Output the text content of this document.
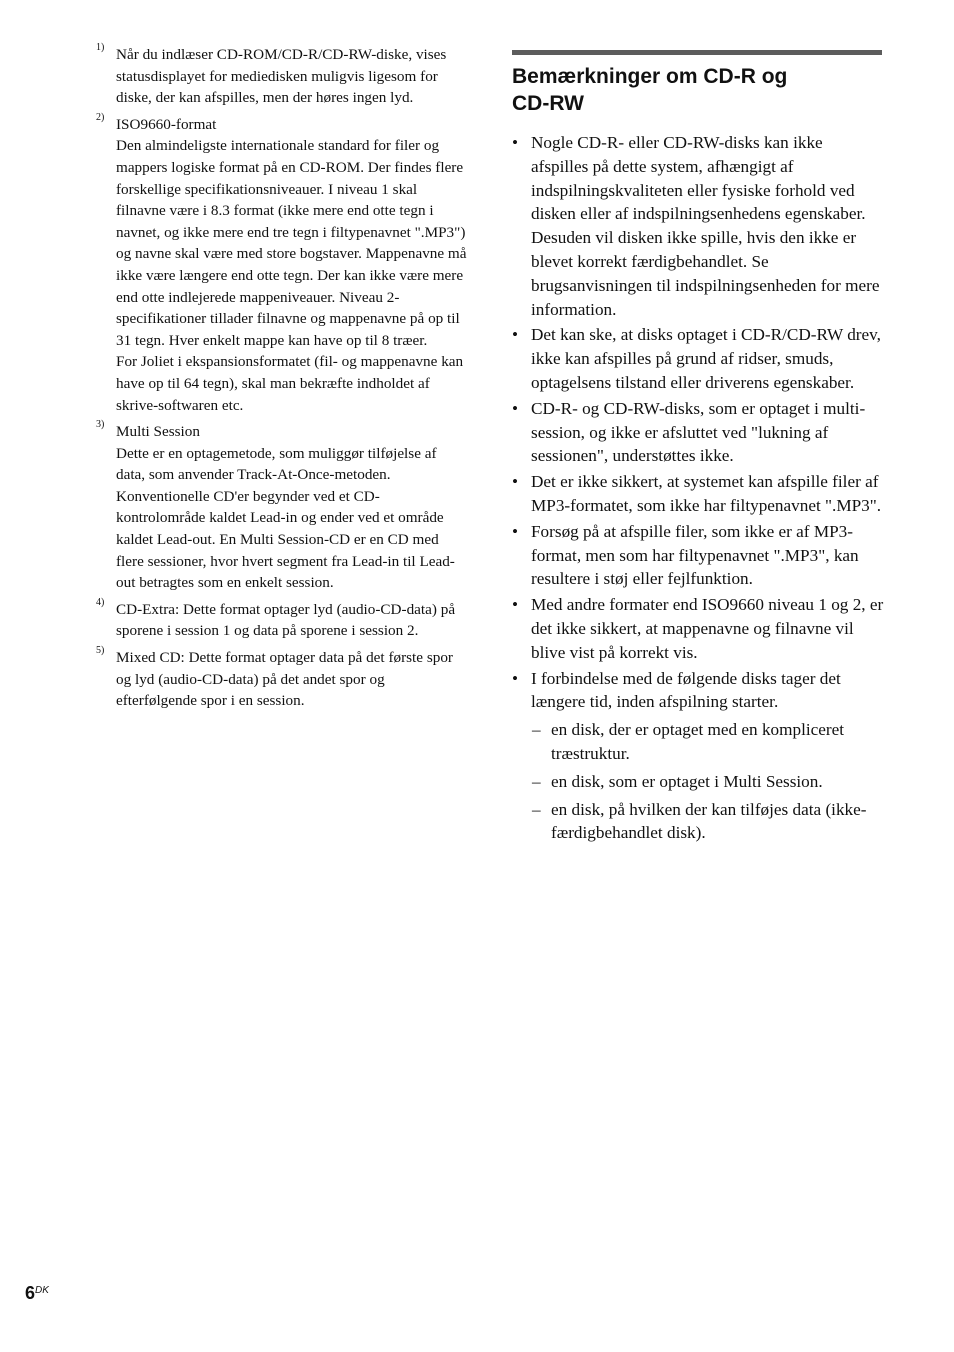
1) Når du indlæser CD-ROM/CD-R/CD-RW-diske, vises statusdisplayet for mediedisken muligvis ligesom for diske, der kan afspilles, men der høres ingen lyd.
2) ISO9660-format
Den almindeligste internationale standard for filer og mappers logiske format på en CD-ROM. Der findes flere forskellige specifikationsniveauer. I niveau 1 skal filnavne være i 8.3 format (ikke mere end otte tegn i navnet, og ikke mere end tre tegn i filtypenavnet ".MP3") og navne skal være med store bogstaver. Mappenavne må ikke være længere end otte tegn. Der kan ikke være mere end otte indlejerede mappeniveauer. Niveau 2-specifikationer tillader filnavne og mappenavne på op til 31 tegn. Hver enkelt mappe kan have op til 8 træer.
For Joliet i ekspansionsformatet (fil- og mappenavne kan have op til 64 tegn), skal man bekræfte indholdet af skrive-softwaren etc.
3) Multi Session
Dette er en optagemetode, som muliggør tilføjelse af data, som anvender Track-At-Once-metoden. Konventionelle CD'er begynder ved et CD-kontrolområde kaldet Lead-in og ender ved et område kaldet Lead-out. En Multi Session-CD er en CD med flere sessioner, hvor hvert segment fra Lead-in til Lead-out betragtes som en enkelt session.
4) CD-Extra: Dette format optager lyd (audio-CD-data) på sporene i session 1 og data på sporene i session 2.
5) Mixed CD: Dette format optager data på det første spor og lyd (audio-CD-data) på det andet spor og efterfølgende spor i en session.
Bemærkninger om CD-R og
CD-RW
• Nogle CD-R- eller CD-RW-disks kan ikke afspilles på dette system, afhængigt af indspilningskvaliteten eller fysiske forhold ved disken eller af indspilningsenhedens egenskaber. Desuden vil disken ikke spille, hvis den ikke er blevet korrekt færdigbehandlet. Se brugsanvisningen til indspilningsenheden for mere information.
• Det kan ske, at disks optaget i CD-R/CD-RW drev, ikke kan afspilles på grund af ridser, smuds, optagelsens tilstand eller driverens egenskaber.
• CD-R- og CD-RW-disks, som er optaget i multi-session, og ikke er afsluttet ved "lukning af sessionen", understøttes ikke.
• Det er ikke sikkert, at systemet kan afspille filer af MP3-formatet, som ikke har filtypenavnet ".MP3".
• Forsøg på at afspille filer, som ikke er af MP3-format, men som har filtypenavnet ".MP3", kan resultere i støj eller fejlfunktion.
• Med andre formater end ISO9660 niveau 1 og 2, er det ikke sikkert, at mappenavne og filnavne vil blive vist på korrekt vis.
• I forbindelse med de følgende disks tager det længere tid, inden afspilning starter.
– en disk, der er optaget med en kompliceret træstruktur.
– en disk, som er optaget i Multi Session.
– en disk, på hvilken der kan tilføjes data (ikke-færdigbehandlet disk).
$6^{DK}$
